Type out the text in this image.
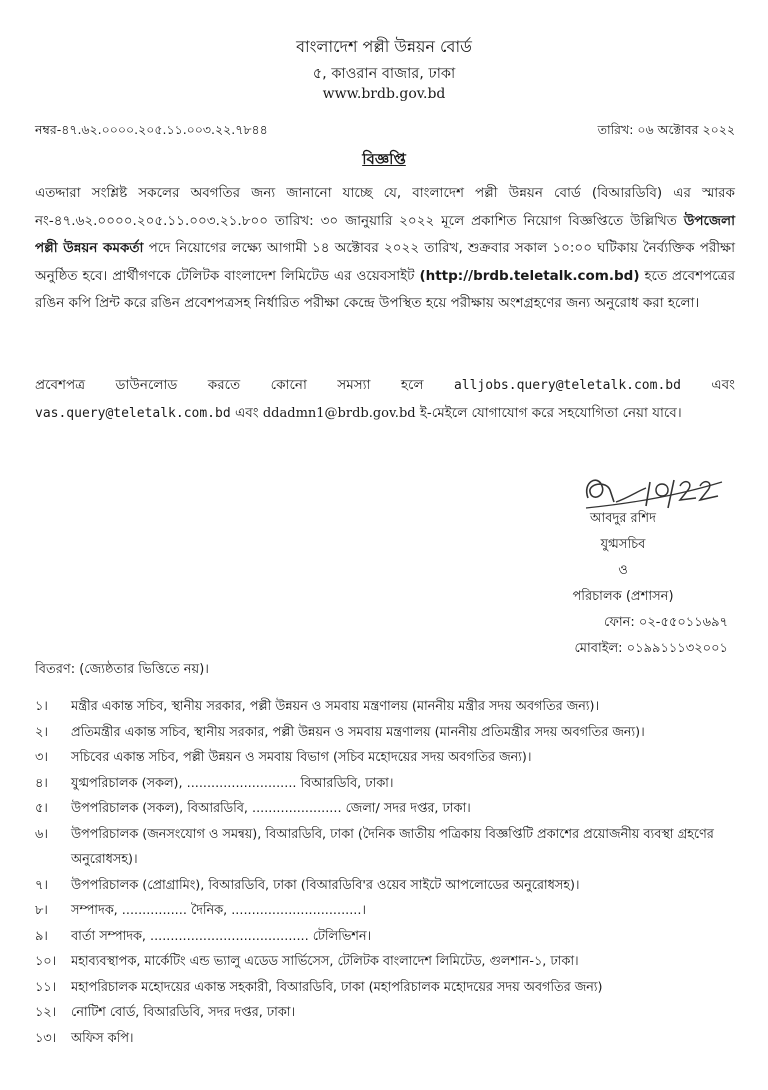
বাংলাদেশ পল্লী উন্নয়ন বোর্ড
৫, কাওরান বাজার, ঢাকা
www.brdb.gov.bd
নম্বর-৪৭.৬২.০০০০.২০৫.১১.০০৩.২২.৭৮৪৪	তারিখ: ০৬ অক্টোবর ২০২২
বিজ্ঞপ্তি
এতদ্দারা সংশ্লিষ্ট সকলের অবগতির জন্য জানানো যাচ্ছে যে, বাংলাদেশ পল্লী উন্নয়ন বোর্ড (বিআরডিবি) এর স্মারক নং-৪৭.৬২.০০০০.২০৫.১১.০০৩.২১.৮০০ তারিখ: ৩০ জানুয়ারি ২০২২ মূলে প্রকাশিত নিয়োগ বিজ্ঞপ্তিতে উল্লিখিত উপজেলা পল্লী উন্নয়ন কমকর্তা পদে নিয়োগের লক্ষ্যে আগামী ১৪ অক্টোবর ২০২২ তারিখ, শুক্রবার সকাল ১০:০০ ঘটিকায় নৈর্ব্যক্তিক পরীক্ষা অনুষ্ঠিত হবে। প্রার্থীগণকে টেলিটক বাংলাদেশ লিমিটেড এর ওয়েবসাইট (http://brdb.teletalk.com.bd) হতে প্রবেশপত্রের রঙিন কপি প্রিন্ট করে রঙিন প্রবেশপত্রসহ নির্ধারিত পরীক্ষা কেন্দ্রে উপস্থিত হয়ে পরীক্ষায় অংশগ্রহণের জন্য অনুরোধ করা হলো।
প্রবেশপত্র ডাউনলোড করতে কোনো সমস্যা হলে alljobs.query@teletalk.com.bd এবং vas.query@teletalk.com.bd এবং ddadmn1@brdb.gov.bd ই-মেইলে যোগাযোগ করে সহযোগিতা নেয়া যাবে।
আবদুর রশিদ
যুগ্মসচিব
ও
পরিচালক (প্রশাসন)
ফোন: ০২-৫৫০১১৬৯৭
মোবাইল: ০১৯৯১১১৩২০০১
বিতরণ: (জ্যেষ্ঠতার ভিত্তিতে নয়)।
১।	মন্ত্রীর একান্ত সচিব, স্থানীয় সরকার, পল্লী উন্নয়ন ও সমবায় মন্ত্রণালয় (মাননীয় মন্ত্রীর সদয় অবগতির জন্য)।
২।	প্রতিমন্ত্রীর একান্ত সচিব, স্থানীয় সরকার, পল্লী উন্নয়ন ও সমবায় মন্ত্রণালয় (মাননীয় প্রতিমন্ত্রীর সদয় অবগতির জন্য)।
৩।	সচিবের একান্ত সচিব, পল্লী উন্নয়ন ও সমবায় বিভাগ (সচিব মহোদয়ের সদয় অবগতির জন্য)।
৪।	যুগ্মপরিচালক (সকল), ........................... বিআরডিবি, ঢাকা।
৫।	উপপরিচালক (সকল), বিআরডিবি, ...................... জেলা/ সদর দপ্তর, ঢাকা।
৬।	উপপরিচালক (জনসংযোগ ও সমন্বয়), বিআরডিবি, ঢাকা (দৈনিক জাতীয় পত্রিকায় বিজ্ঞপ্তিটি প্রকাশের প্রয়োজনীয় ব্যবস্থা গ্রহণের অনুরোধসহ)।
৭।	উপপরিচালক (প্রোগ্রামিং), বিআরডিবি, ঢাকা (বিআরডিবি'র ওয়েব সাইটে আপলোডের অনুরোধসহ)।
৮।	সম্পাদক, ................ দৈনিক, ................................।
৯।	বার্তা সম্পাদক, ....................................... টেলিভিশন।
১০।	মহাব্যবস্থাপক, মার্কেটিং এন্ড ভ্যালু এডেড সার্ভিসেস, টেলিটক বাংলাদেশ লিমিটেড, গুলশান-১, ঢাকা।
১১।	মহাপরিচালক মহোদয়ের একান্ত সহকারী, বিআরডিবি, ঢাকা (মহাপরিচালক মহোদয়ের সদয় অবগতির জন্য)
১২।	নোটিশ বোর্ড, বিআরডিবি, সদর দপ্তর, ঢাকা।
১৩।	অফিস কপি।
